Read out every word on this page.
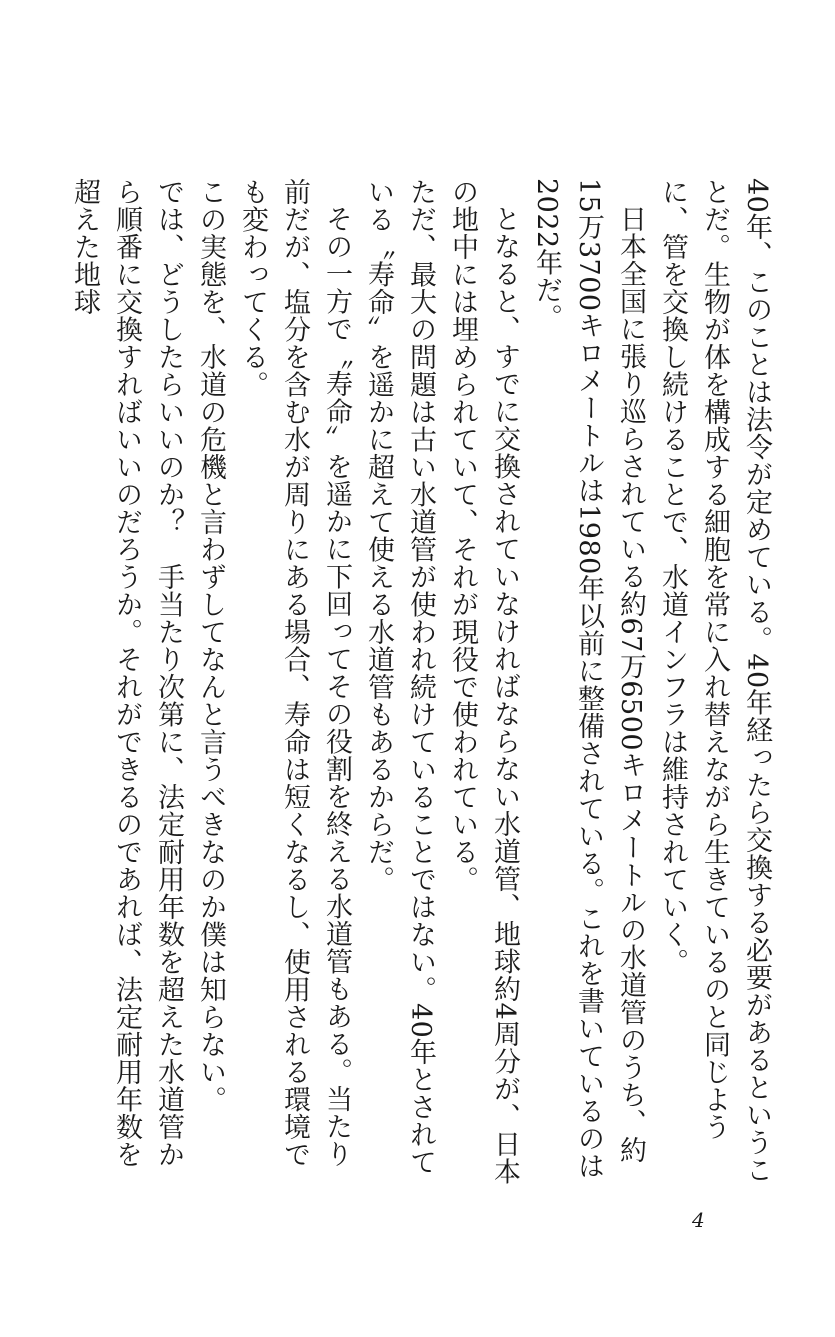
40年、このことは法令が定めている。40年経ったら交換する必要があるということだ。生物が体を構成する細胞を常に入れ替えながら生きているのと同じように、管を交換し続けることで、水道インフラは維持されていく。

日本全国に張り巡らされている約67万6500キロメートルの水道管のうち、約15万3700キロメートルは1980年以前に整備されている。これを書いているのは2022年だ。

となると、すでに交換されていなければならない水道管、地球約4周分が、日本の地中には埋められていて、それが現役で使われている。

ただ、最大の問題は古い水道管が使われ続けていることではない。40年とされている〝寿命〟を遥かに超えて使える水道管もあるからだ。

その一方で〝寿命〟を遥かに下回ってその役割を終える水道管もある。当たり前だが、塩分を含む水が周りにある場合、寿命は短くなるし、使用される環境でも変わってくる。

この実態を、水道の危機と言わずしてなんと言うべきなのか僕は知らない。

では、どうしたらいいのか？　手当たり次第に、法定耐用年数を超えた水道管から順番に交換すればいいのだろうか。それができるのであれば、法定耐用年数を超えた地球

4
